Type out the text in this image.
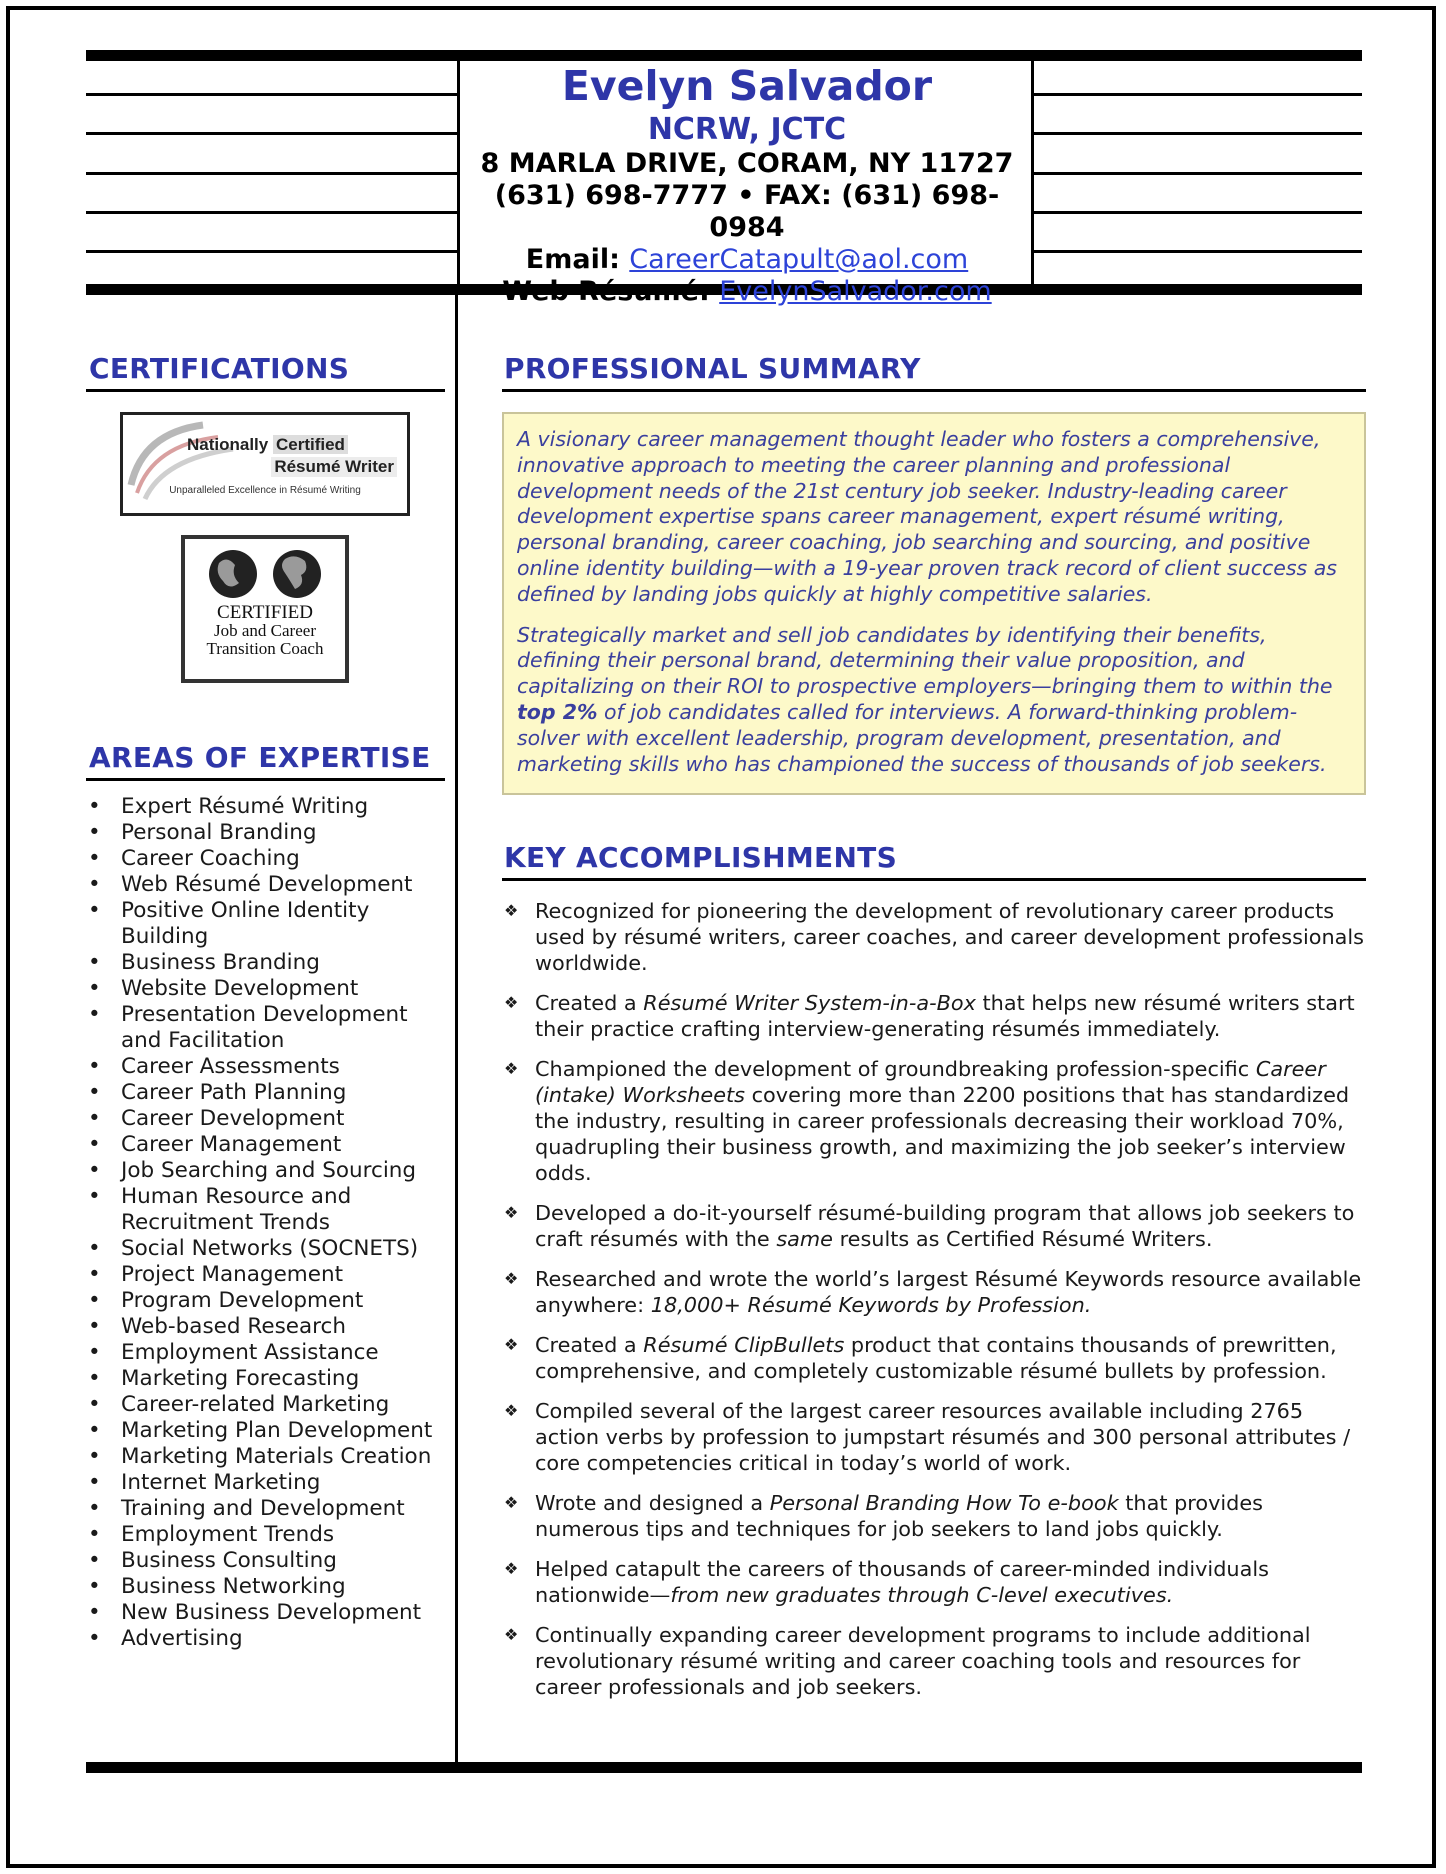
Evelyn Salvador
NCRW, JCTC
8 MARLA DRIVE, CORAM, NY 11727
(631) 698-7777 • FAX: (631) 698-0984
Email: CareerCatapult@aol.com
Web Résumé: EvelynSalvador.com
CERTIFICATIONS
Nationally Certified
Résumé Writer
Unparalleled Excellence in Résumé Writing
CERTIFIED
Job and Career
Transition Coach
AREAS OF EXPERTISE
• Expert Résumé Writing
• Personal Branding
• Career Coaching
• Web Résumé Development
• Positive Online Identity Building
• Business Branding
• Website Development
• Presentation Development and Facilitation
• Career Assessments
• Career Path Planning
• Career Development
• Career Management
• Job Searching and Sourcing
• Human Resource and Recruitment Trends
• Social Networks (SOCNETS)
• Project Management
• Program Development
• Web-based Research
• Employment Assistance
• Marketing Forecasting
• Career-related Marketing
• Marketing Plan Development
• Marketing Materials Creation
• Internet Marketing
• Training and Development
• Employment Trends
• Business Consulting
• Business Networking
• New Business Development
• Advertising
PROFESSIONAL SUMMARY

A visionary career management thought leader who fosters a comprehensive, innovative approach to meeting the career planning and professional development needs of the 21st century job seeker. Industry-leading career development expertise spans career management, expert résumé writing, personal branding, career coaching, job searching and sourcing, and positive online identity building—with a 19-year proven track record of client success as defined by landing jobs quickly at highly competitive salaries.

Strategically market and sell job candidates by identifying their benefits, defining their personal brand, determining their value proposition, and capitalizing on their ROI to prospective employers—bringing them to within the top 2% of job candidates called for interviews. A forward-thinking problem-solver with excellent leadership, program development, presentation, and marketing skills who has championed the success of thousands of job seekers.

KEY ACCOMPLISHMENTS
❖ Recognized for pioneering the development of revolutionary career products used by résumé writers, career coaches, and career development professionals worldwide.
❖ Created a Résumé Writer System-in-a-Box that helps new résumé writers start their practice crafting interview-generating résumés immediately.
❖ Championed the development of groundbreaking profession-specific Career (intake) Worksheets covering more than 2200 positions that has standardized the industry, resulting in career professionals decreasing their workload 70%, quadrupling their business growth, and maximizing the job seeker’s interview odds.
❖ Developed a do-it-yourself résumé-building program that allows job seekers to craft résumés with the same results as Certified Résumé Writers.
❖ Researched and wrote the world’s largest Résumé Keywords resource available anywhere: 18,000+ Résumé Keywords by Profession.
❖ Created a Résumé ClipBullets product that contains thousands of prewritten, comprehensive, and completely customizable résumé bullets by profession.
❖ Compiled several of the largest career resources available including 2765 action verbs by profession to jumpstart résumés and 300 personal attributes / core competencies critical in today’s world of work.
❖ Wrote and designed a Personal Branding How To e-book that provides numerous tips and techniques for job seekers to land jobs quickly.
❖ Helped catapult the careers of thousands of career-minded individuals nationwide—from new graduates through C-level executives.
❖ Continually expanding career development programs to include additional revolutionary résumé writing and career coaching tools and resources for career professionals and job seekers.
